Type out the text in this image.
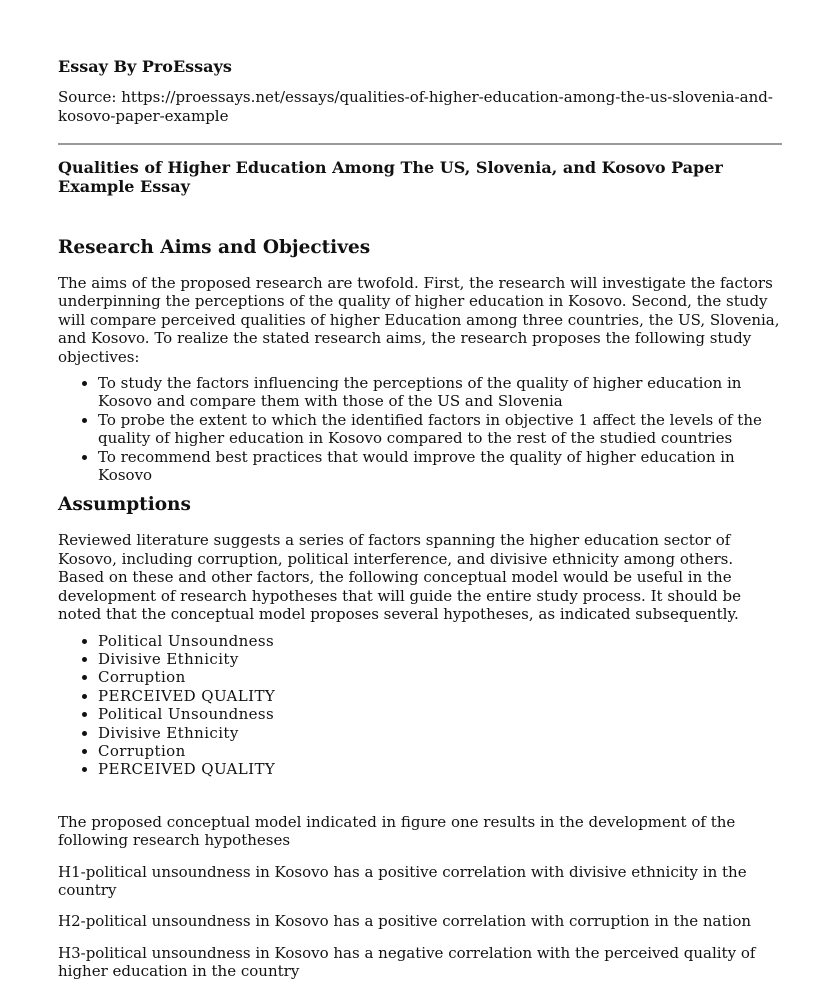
Essay By ProEssays

Source: https://proessays.net/essays/qualities-of-higher-education-among-the-us-slovenia-and-kosovo-paper-example

Qualities of Higher Education Among The US, Slovenia, and Kosovo Paper Example Essay
Research Aims and Objectives

The aims of the proposed research are twofold. First, the research will investigate the factors underpinning the perceptions of the quality of higher education in Kosovo. Second, the study will compare perceived qualities of higher Education among three countries, the US, Slovenia, and Kosovo. To realize the stated research aims, the research proposes the following study objectives:

• To study the factors influencing the perceptions of the quality of higher education in Kosovo and compare them with those of the US and Slovenia
• To probe the extent to which the identified factors in objective 1 affect the levels of the quality of higher education in Kosovo compared to the rest of the studied countries
• To recommend best practices that would improve the quality of higher education in Kosovo
Assumptions

Reviewed literature suggests a series of factors spanning the higher education sector of Kosovo, including corruption, political interference, and divisive ethnicity among others. Based on these and other factors, the following conceptual model would be useful in the development of research hypotheses that will guide the entire study process. It should be noted that the conceptual model proposes several hypotheses, as indicated subsequently.

• Political Unsoundness
• Divisive Ethnicity
• Corruption
• PERCEIVED QUALITY
• Political Unsoundness
• Divisive Ethnicity
• Corruption
• PERCEIVED QUALITY

The proposed conceptual model indicated in figure one results in the development of the following research hypotheses

H1-political unsoundness in Kosovo has a positive correlation with divisive ethnicity in the country

H2-political unsoundness in Kosovo has a positive correlation with corruption in the nation

H3-political unsoundness in Kosovo has a negative correlation with the perceived quality of higher education in the country
